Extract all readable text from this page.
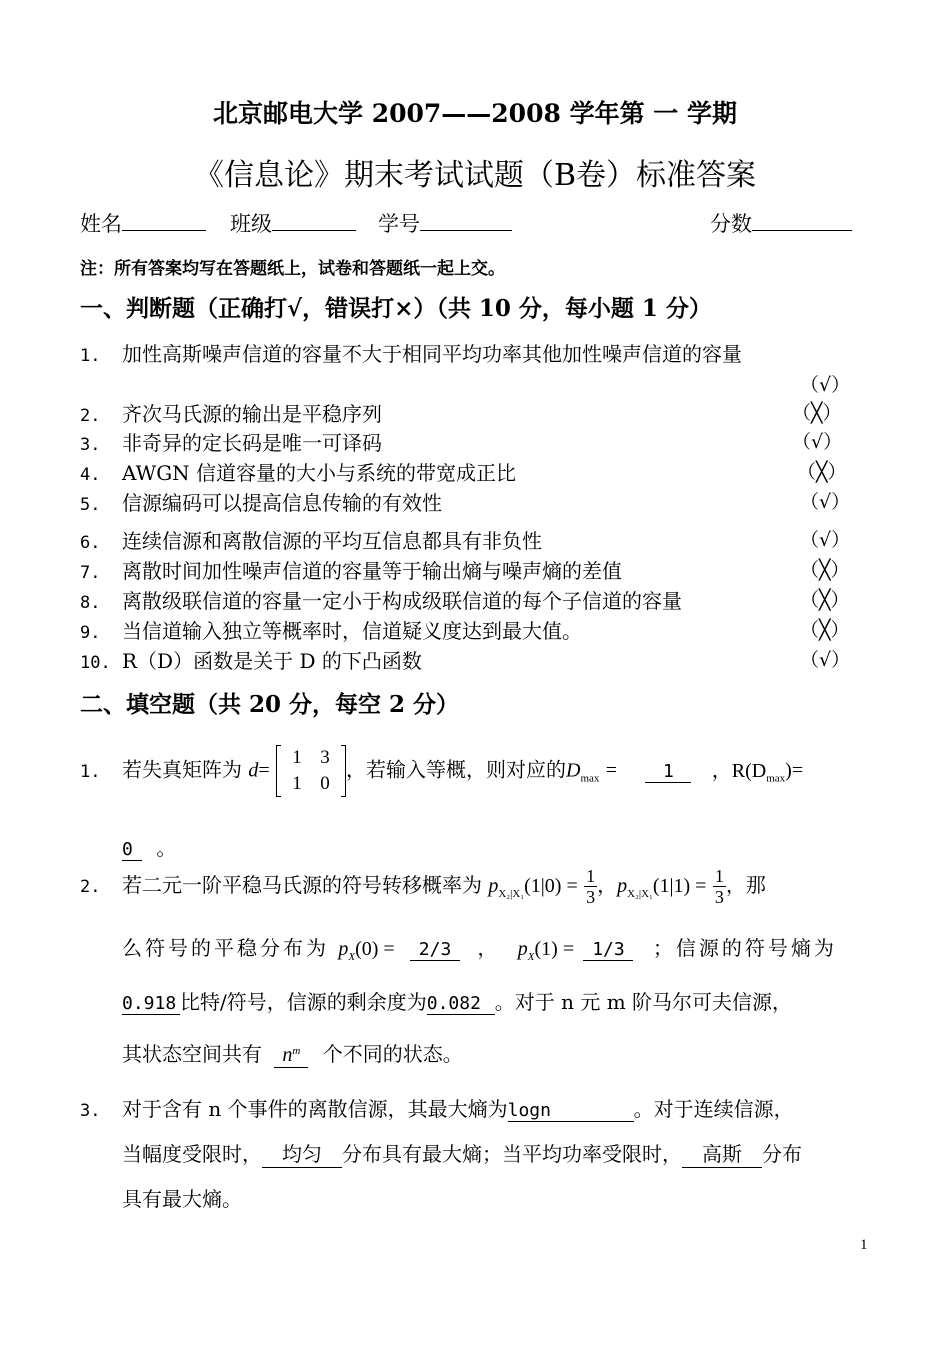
北京邮电大学 2007——2008 学年第 一 学期
《信息论》期末考试试题（B卷）标准答案
姓名	班级	学号	分数
注：所有答案均写在答题纸上，试卷和答题纸一起上交。
一、判断题（正确打√，错误打×）（共 10 分，每小题 1 分）
1. 加性高斯噪声信道的容量不大于相同平均功率其他加性噪声信道的容量
（√）
2. 齐次马氏源的输出是平稳序列	（╳）
3. 非奇异的定长码是唯一可译码	（√）
4. AWGN 信道容量的大小与系统的带宽成正比	（╳）
5. 信源编码可以提高信息传输的有效性	（√）
6. 连续信源和离散信源的平均互信息都具有非负性	（√）
7. 离散时间加性噪声信道的容量等于输出熵与噪声熵的差值	（╳）
8. 离散级联信道的容量一定小于构成级联信道的每个子信道的容量	（╳）
9. 当信道输入独立等概率时，信道疑义度达到最大值。	（╳）
10. R（D）函数是关于 D 的下凸函数	（√）
二、填空题（共 20 分，每空 2 分）
1. 若失真矩阵为 d= 1 3
1 0，若输入等概，则对应的$D_{max}$ =	1 ，$R(D_{max})=$
0 。
2. 若二元一阶平稳马氏源的符号转移概率为 $p_{X_2|X_1}(1|0) = \frac{1}{3}$ ，$p_{X_2|X_1}(1|1) = \frac{1}{3}$ ，那
么符号的平稳分布为 $p_X(0) = 2/3$ ， $p_X(1) = 1/3$ ；信源的符号熵为
0.918 比特/符号，信源的剩余度为0.082 。对于 n 元 m 阶马尔可夫信源，
其状态空间共有 $n^m$ 个不同的状态。
3. 对于含有 n 个事件的离散信源，其最大熵为logn	。对于连续信源，
当幅度受限时， 均匀 分布具有最大熵；当平均功率受限时， 高斯 分布
具有最大熵。
1
